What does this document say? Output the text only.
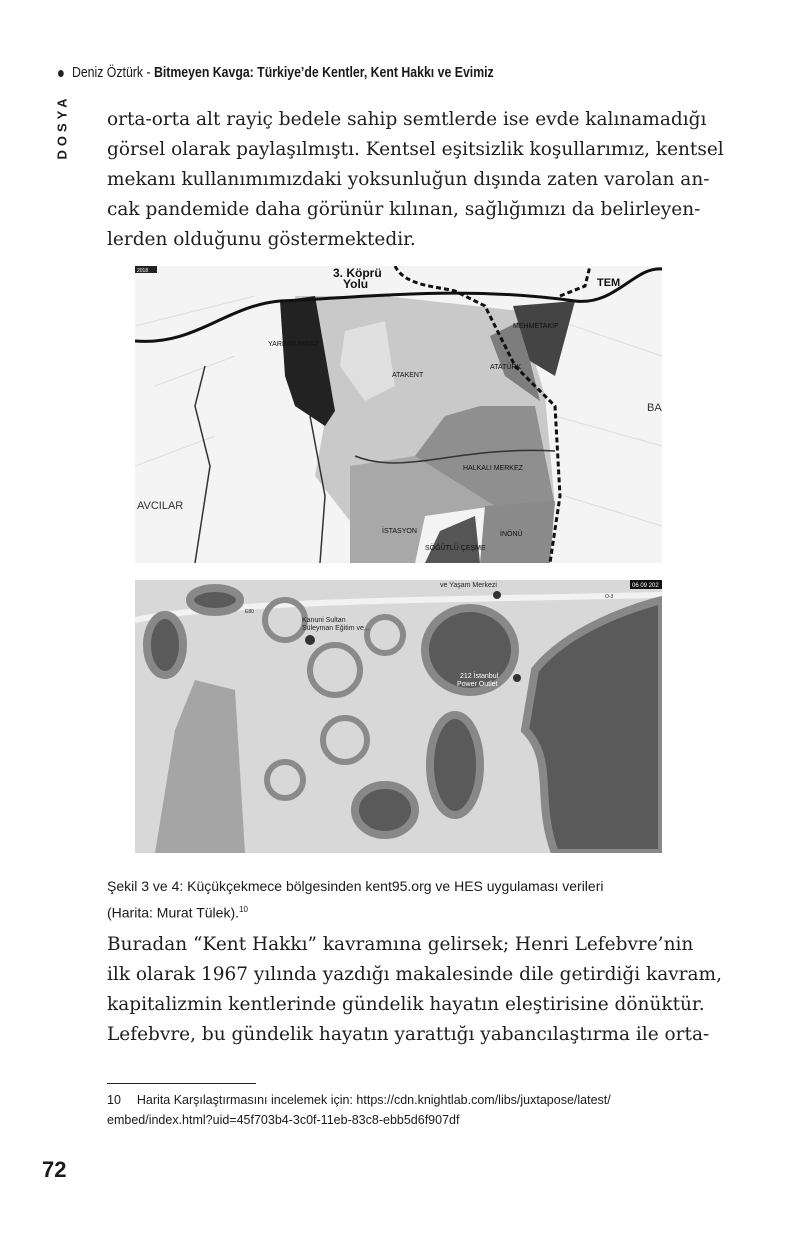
Deniz Öztürk - Bitmeyen Kavga: Türkiye’de Kentler, Kent Hakkı ve Evimiz
DOSYA orta-orta alt rayiç bedele sahip semtlerde ise evde kalınamadığı
görsel olarak paylaşılmıştı. Kentsel eşitsizlik koşullarımız, kentsel
mekanı kullanımımızdaki yoksunluğun dışında zaten varolan an-
cak pandemide daha görünür kılınan, sağlığımızı da belirleyen-
lerden olduğunu göstermektedir.
2018	3. Köprü
Yolu	TEM
YARIMBURGAZ
ATAKENT
MEHMETAKİF
ATATÜRK
HALKALI MERKEZ
İSTASYON	İNÖNÜ
SÖĞÜTLÜ ÇEŞME
AVCILAR
BA
06 09 202
ve Yaşam Merkezi
Kanuni Sultan
Süleyman Eğitim ve...
212 İstanbul
Power Outlet
E80
O-3
Şekil 3 ve 4: Küçükçekmece bölgesinden kent95.org ve HES uygulaması verileri
(Harita: Murat Tülek).$^{10}$
Buradan “Kent Hakkı” kavramına gelirsek; Henri Lefebvre’nin
ilk olarak 1967 yılında yazdığı makalesinde dile getirdiği kavram,
kapitalizmin kentlerinde gündelik hayatın eleştirisine dönüktür.
Lefebvre, bu gündelik hayatın yarattığı yabancılaştırma ile orta-
10 Harita Karşılaştırmasını incelemek için: https://cdn.knightlab.com/libs/juxtapose/latest/
embed/index.html?uid=45f703b4-3c0f-11eb-83c8-ebb5d6f907df
72
